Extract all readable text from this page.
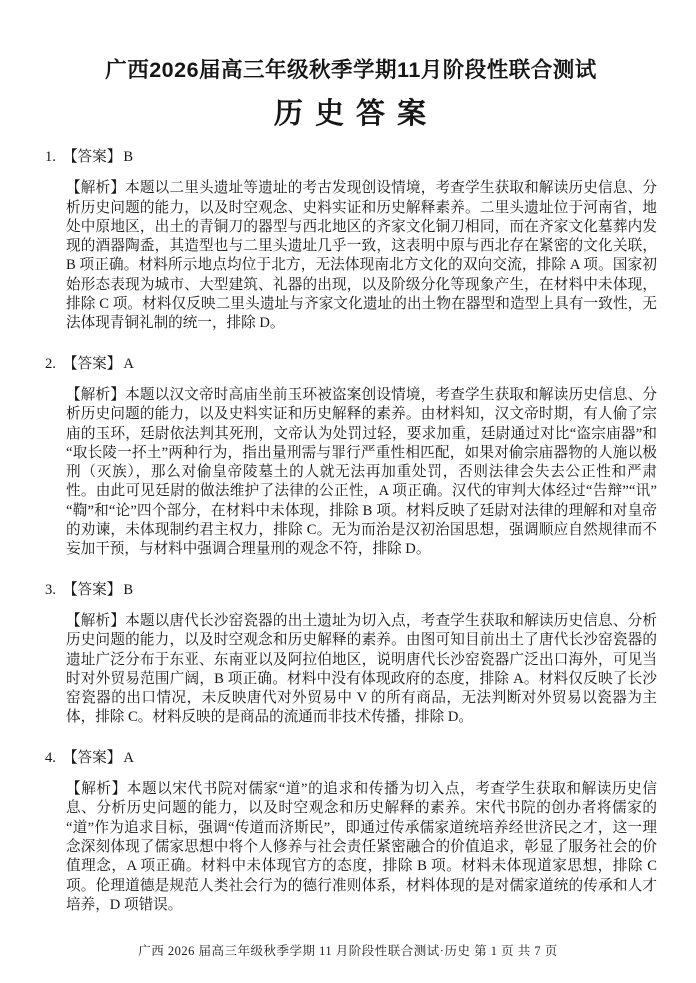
广西2026届高三年级秋季学期11月阶段性联合测试
历 史 答 案
1. 【答案】 B

【解析】本题以二里头遗址等遗址的考古发现创设情境，考查学生获取和解读历史信息、分析历史问题的能力，以及时空观念、史料实证和历史解释素养。二里头遗址位于河南省，地处中原地区，出土的青铜刀的器型与西北地区的齐家文化铜刀相同，而在齐家文化墓葬内发现的酒器陶盉，其造型也与二里头遗址几乎一致，这表明中原与西北存在紧密的文化关联，B 项正确。材料所示地点均位于北方，无法体现南北方文化的双向交流，排除 A 项。国家初始形态表现为城市、大型建筑、礼器的出现，以及阶级分化等现象产生，在材料中未体现，排除 C 项。材料仅反映二里头遗址与齐家文化遗址的出土物在器型和造型上具有一致性，无法体现青铜礼制的统一，排除 D。

2. 【答案】 A

【解析】本题以汉文帝时高庙坐前玉环被盗案创设情境，考查学生获取和解读历史信息、分析历史问题的能力，以及史料实证和历史解释的素养。由材料知，汉文帝时期，有人偷了宗庙的玉环，廷尉依法判其死刑，文帝认为处罚过轻，要求加重，廷尉通过对比“盗宗庙器”和“取长陵一抔土”两种行为，指出量刑需与罪行严重性相匹配，如果对偷宗庙器物的人施以极刑（灭族），那么对偷皇帝陵墓土的人就无法再加重处罚，否则法律会失去公正性和严肃性。由此可见廷尉的做法维护了法律的公正性，A 项正确。汉代的审判大体经过“告辩”“讯”“鞫”和“论”四个部分，在材料中未体现，排除 B 项。材料反映了廷尉对法律的理解和对皇帝的劝谏，未体现制约君主权力，排除 C。无为而治是汉初治国思想，强调顺应自然规律而不妄加干预，与材料中强调合理量刑的观念不符，排除 D。

3. 【答案】 B

【解析】本题以唐代长沙窑瓷器的出土遗址为切入点，考查学生获取和解读历史信息、分析历史问题的能力，以及时空观念和历史解释的素养。由图可知目前出土了唐代长沙窑瓷器的遗址广泛分布于东亚、东南亚以及阿拉伯地区，说明唐代长沙窑瓷器广泛出口海外，可见当时对外贸易范围广阔，B 项正确。材料中没有体现政府的态度，排除 A。材料仅反映了长沙窑瓷器的出口情况，未反映唐代对外贸易中 V 的所有商品，无法判断对外贸易以瓷器为主体，排除 C。材料反映的是商品的流通而非技术传播，排除 D。

4. 【答案】 A

【解析】本题以宋代书院对儒家“道”的追求和传播为切入点，考查学生获取和解读历史信息、分析历史问题的能力，以及时空观念和历史解释的素养。宋代书院的创办者将儒家的“道”作为追求目标，强调“传道而济斯民”，即通过传承儒家道统培养经世济民之才，这一理念深刻体现了儒家思想中将个人修养与社会责任紧密融合的价值追求，彰显了服务社会的价值理念，A 项正确。材料中未体现官方的态度，排除 B 项。材料未体现道家思想，排除 C 项。伦理道德是规范人类社会行为的德行准则体系，材料体现的是对儒家道统的传承和人才培养，D 项错误。

广西 2026 届高三年级秋季学期 11 月阶段性联合测试·历史 第 1 页 共 7 页
